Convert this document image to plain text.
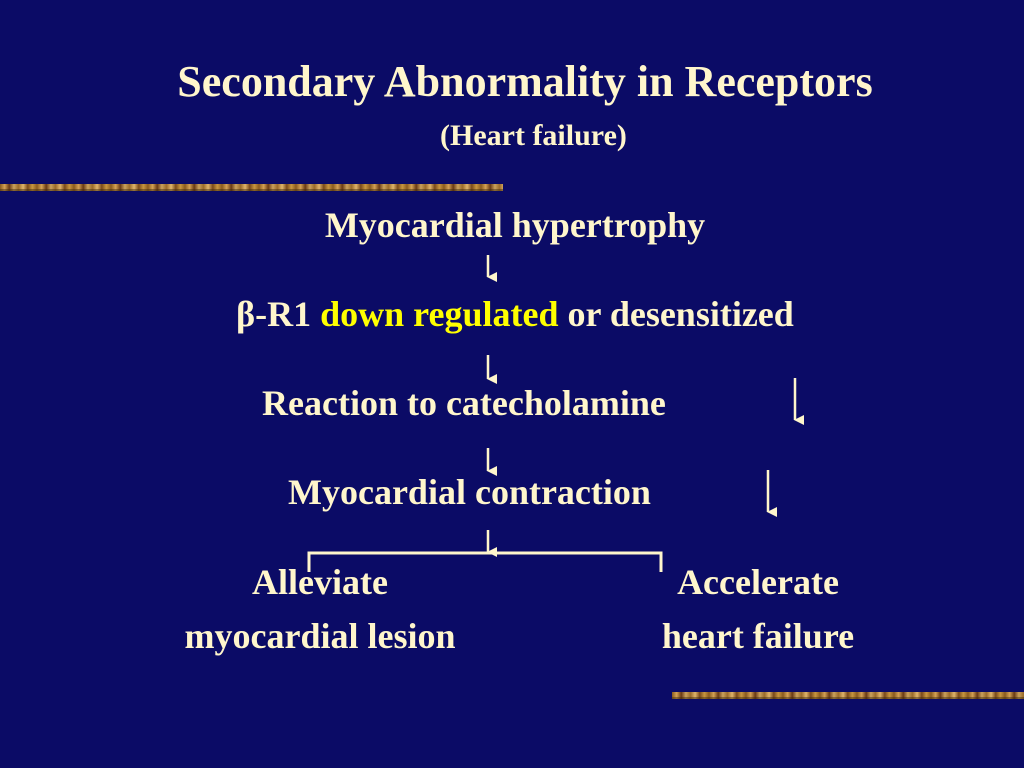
Secondary Abnormality in Receptors
(Heart failure)
Myocardial hypertrophy
β-R1 down regulated or desensitized
Reaction to catecholamine
Myocardial contraction
Alleviate
myocardial lesion
Accelerate
heart failure
